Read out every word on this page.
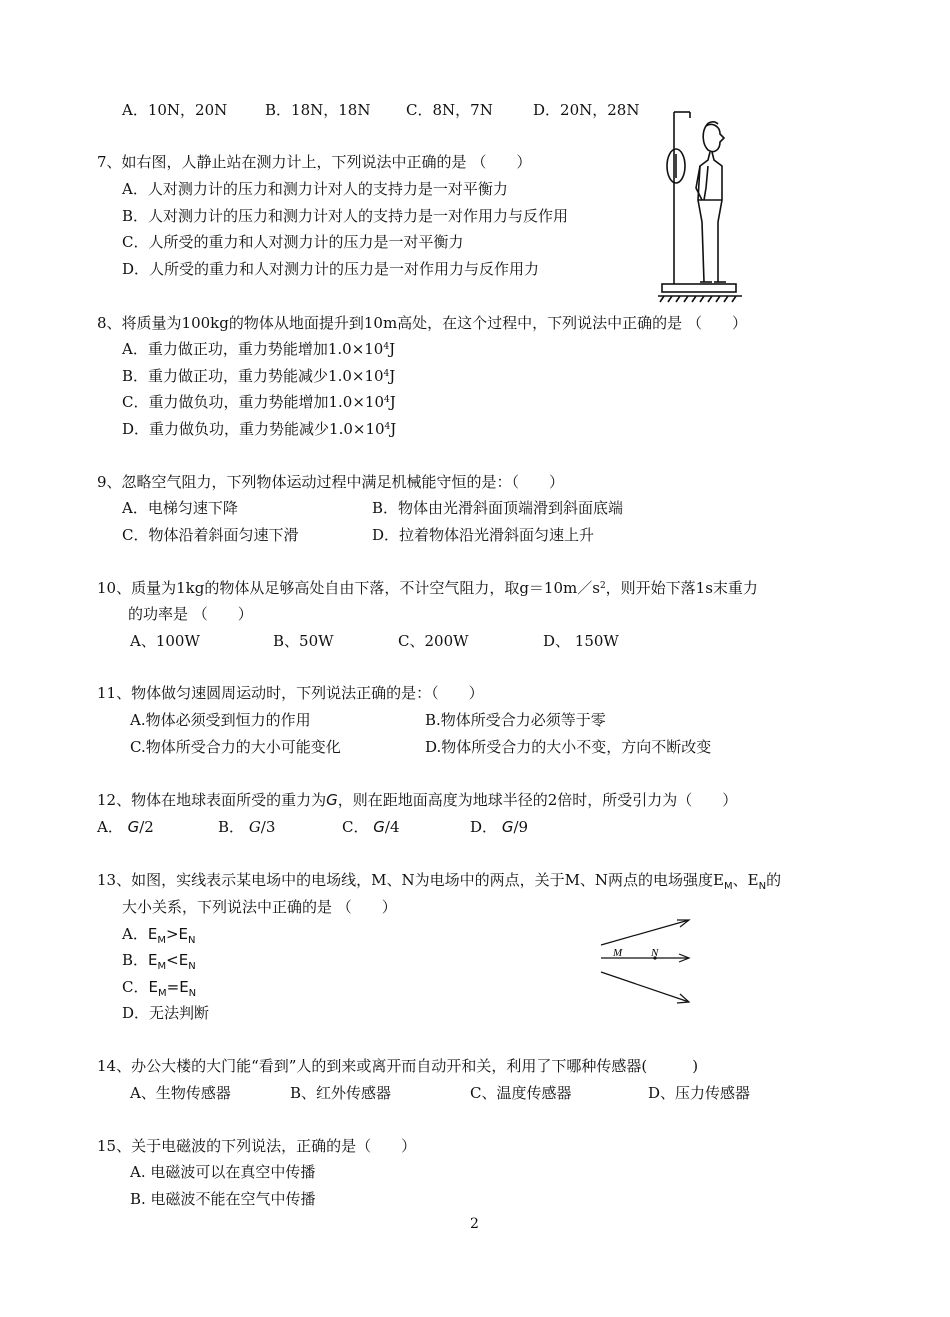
A．10N，20N	B．18N，18N C．8N，7N	D．20N，28N
7、如右图，人静止站在测力计上，下列说法中正确的是 （　　）
A．人对测力计的压力和测力计对人的支持力是一对平衡力
B．人对测力计的压力和测力计对人的支持力是一对作用力与反作用
C．人所受的重力和人对测力计的压力是一对平衡力
D．人所受的重力和人对测力计的压力是一对作用力与反作用力
8、将质量为100kg的物体从地面提升到10m高处，在这个过程中，下列说法中正确的是 （　　）
A．重力做正功，重力势能增加$1.0\times 10^4J$
B．重力做正功，重力势能减少$1.0\times 10^4J$
C．重力做负功，重力势能增加$1.0\times 10^4J$
D．重力做负功，重力势能减少$1.0\times 10^4J$
9、忽略空气阻力，下列物体运动过程中满足机械能守恒的是：（　　）
A．电梯匀速下降	B．物体由光滑斜面顶端滑到斜面底端
C．物体沿着斜面匀速下滑	D．拉着物体沿光滑斜面匀速上升
10、质量为1kg的物体从足够高处自由下落，不计空气阻力，取$g=10m/s^2$，则开始下落1s末重力
的功率是 （　　）
A、100W	B、50W	C、200W	D、 150W
11、物体做匀速圆周运动时，下列说法正确的是：（　　）
A.物体必须受到恒力的作用	B.物体所受合力必须等于零
C.物体所受合力的大小可能变化	D.物体所受合力的大小不变，方向不断改变
12、物体在地球表面所受的重力为G，则在距地面高度为地球半径的2倍时，所受引力为（　　）
A． G/2	B． G/3	C． G/4	D． G/9
13、如图，实线表示某电场中的电场线，M、N为电场中的两点，关于M、N两点的电场强度$E_M$、$E_N$的
大小关系，下列说法中正确的是 （　　）
A．$E_M>E_N$
B．$E_M<E_N$
C．$E_M=E_N$
D．无法判断
M	N
14、办公大楼的大门能“看到”人的到来或离开而自动开和关，利用了下哪种传感器(　　　)
A、生物传感器	B、红外传感器	C、温度传感器	D、压力传感器
15、关于电磁波的下列说法，正确的是（　　）
A. 电磁波可以在真空中传播
B. 电磁波不能在空气中传播
2
